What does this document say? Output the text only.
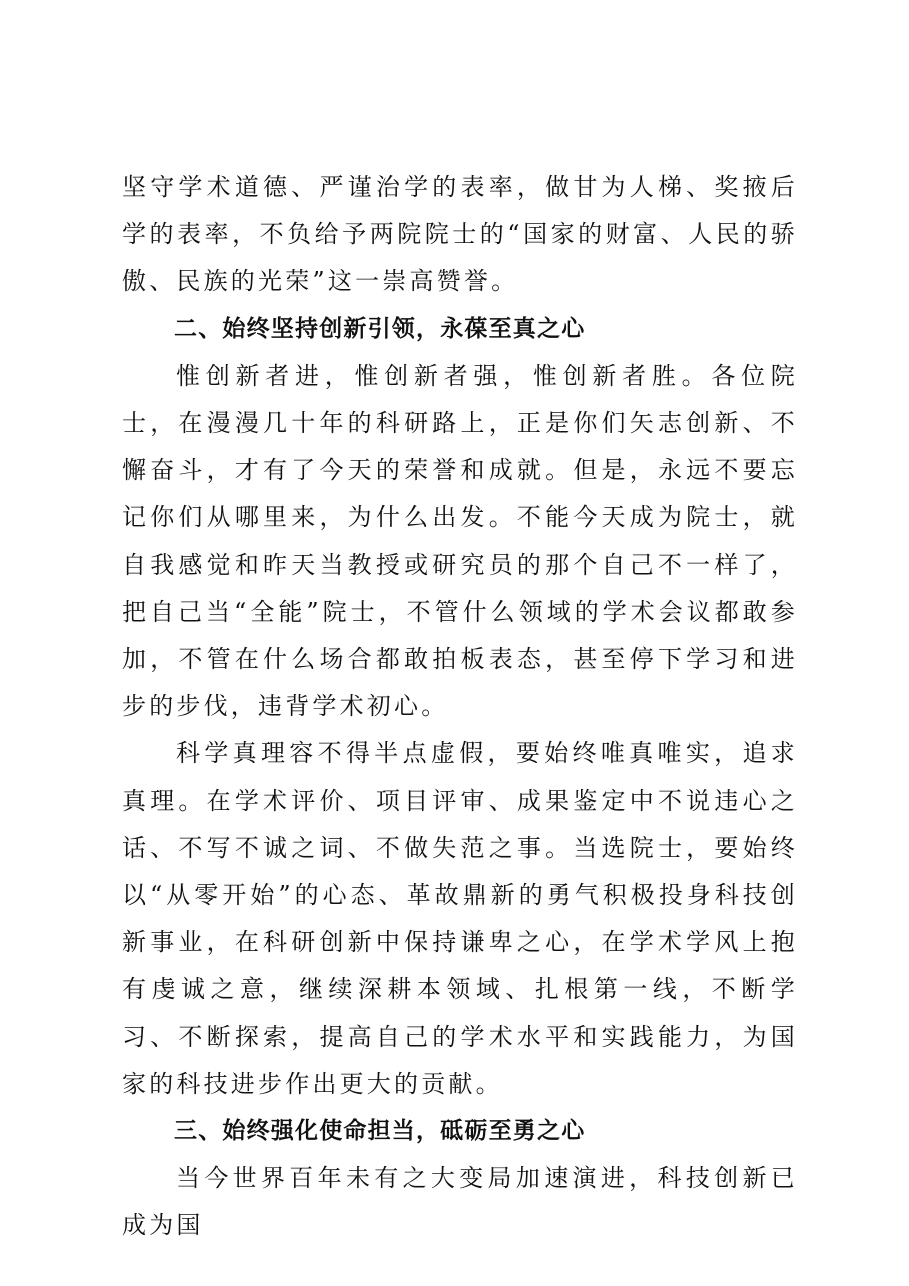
坚守学术道德、严谨治学的表率，做甘为人梯、奖掖后学的表率，不负给予两院院士的“国家的财富、人民的骄傲、民族的光荣”这一崇高赞誉。

二、始终坚持创新引领，永葆至真之心

惟创新者进，惟创新者强，惟创新者胜。各位院士，在漫漫几十年的科研路上，正是你们矢志创新、不懈奋斗，才有了今天的荣誉和成就。但是，永远不要忘记你们从哪里来，为什么出发。不能今天成为院士，就自我感觉和昨天当教授或研究员的那个自己不一样了，把自己当“全能”院士，不管什么领域的学术会议都敢参加，不管在什么场合都敢拍板表态，甚至停下学习和进步的步伐，违背学术初心。

科学真理容不得半点虚假，要始终唯真唯实，追求真理。在学术评价、项目评审、成果鉴定中不说违心之话、不写不诚之词、不做失范之事。当选院士，要始终以“从零开始”的心态、革故鼎新的勇气积极投身科技创新事业，在科研创新中保持谦卑之心，在学术学风上抱有虔诚之意，继续深耕本领域、扎根第一线，不断学习、不断探索，提高自己的学术水平和实践能力，为国家的科技进步作出更大的贡献。

三、始终强化使命担当，砥砺至勇之心

当今世界百年未有之大变局加速演进，科技创新已成为国
